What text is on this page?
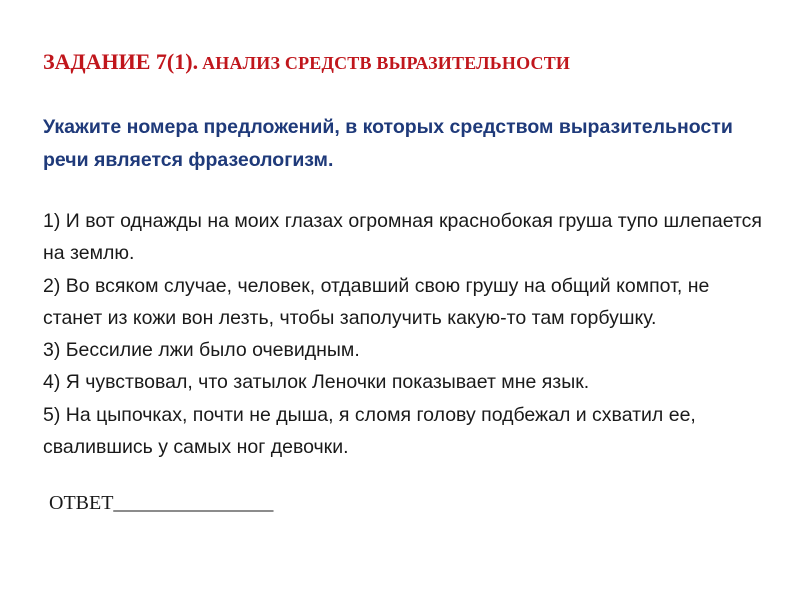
ЗАДАНИЕ 7(1). АНАЛИЗ СРЕДСТВ ВЫРАЗИТЕЛЬНОСТИ
Укажите номера предложений, в которых средством выразительности речи является фразеологизм.
1) И вот однажды на моих глазах огромная краснобокая груша тупо шлепается на землю.
2) Во всяком случае, человек, отдавший свою грушу на общий компот, не станет из кожи вон лезть, чтобы заполучить какую-то там горбушку.
3) Бессилие лжи было очевидным.
4) Я чувствовал, что затылок Леночки показывает мне язык.
5) На цыпочках, почти не дыша, я сломя голову подбежал и схватил ее, свалившись у самых ног девочки.
ОТВЕТ________________
